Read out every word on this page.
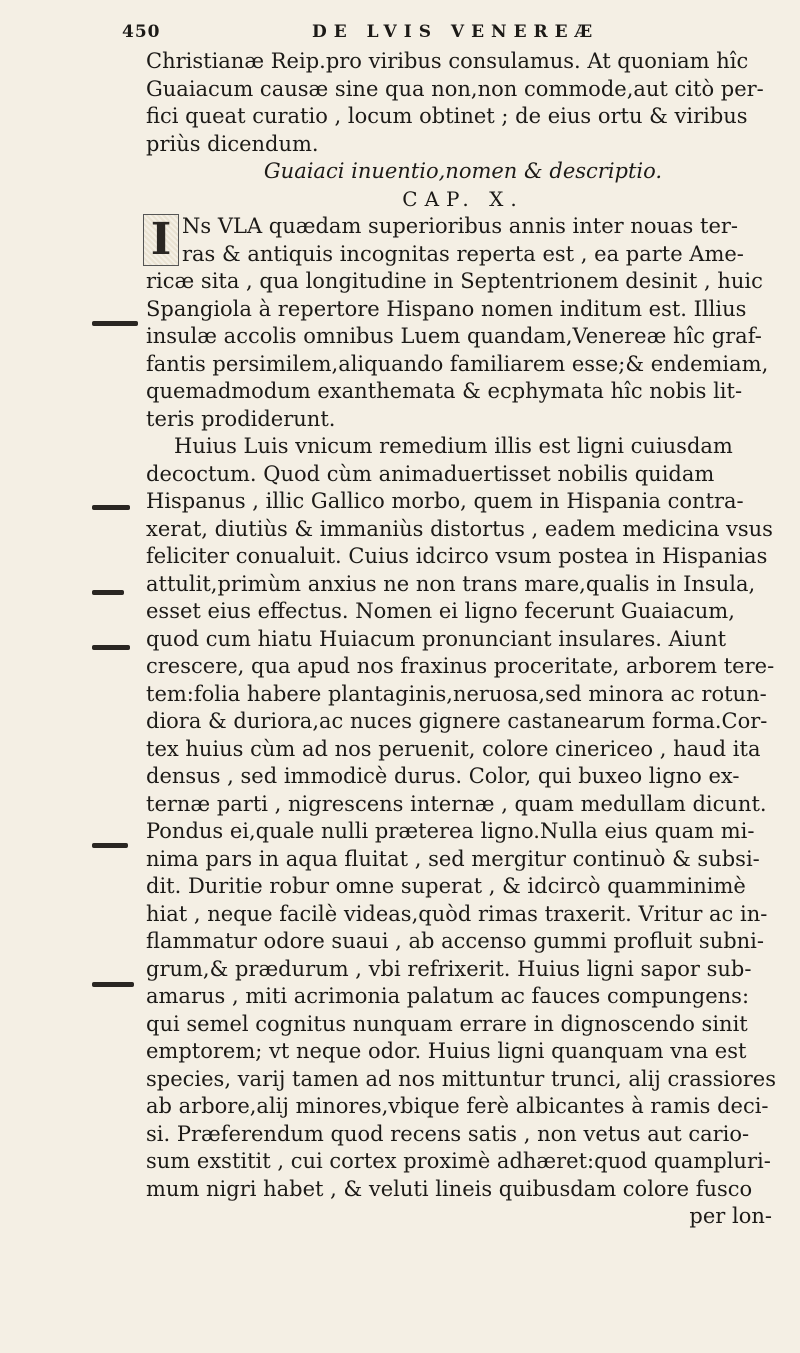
450	DE LVIS VENEREÆ
Christianæ Reip.pro viribus consulamus. At quoniam hîc
Guaiacum causæ sine qua non,non commode,aut citò per-
fici queat curatio , locum obtinet ; de eius ortu & viribus
priùs dicendum.
Guaiaci inuentio,nomen & descriptio.
CAP. X.
I Ns VLA quædam superioribus annis inter nouas ter-
ras & antiquis incognitas reperta est , ea parte Ame-
ricæ sita , qua longitudine in Septentrionem desinit , huic
Spangiola à repertore Hispano nomen inditum est. Illius
insulæ accolis omnibus Luem quandam,Venereæ hîc graf-
fantis persimilem,aliquando familiarem esse;& endemiam,
quemadmodum exanthemata & ecphymata hîc nobis lit-
teris prodiderunt.
Huius Luis vnicum remedium illis est ligni cuiusdam
decoctum. Quod cùm animaduertisset nobilis quidam
Hispanus , illic Gallico morbo, quem in Hispania contra-
xerat, diutiùs & immaniùs distortus , eadem medicina vsus
feliciter conualuit. Cuius idcirco vsum postea in Hispanias
attulit,primùm anxius ne non trans mare,qualis in Insula,
esset eius effectus. Nomen ei ligno fecerunt Guaiacum,
quod cum hiatu Huiacum pronunciant insulares. Aiunt
crescere, qua apud nos fraxinus proceritate, arborem tere-
tem:folia habere plantaginis,neruosa,sed minora ac rotun-
diora & duriora,ac nuces gignere castanearum forma.Cor-
tex huius cùm ad nos peruenit, colore cinericeo , haud ita
densus , sed immodicè durus. Color, qui buxeo ligno ex-
ternæ parti , nigrescens internæ , quam medullam dicunt.
Pondus ei,quale nulli præterea ligno.Nulla eius quam mi-
nima pars in aqua fluitat , sed mergitur continuò & subsi-
dit. Duritie robur omne superat , & idcircò quamminimè
hiat , neque facilè videas,quòd rimas traxerit. Vritur ac in-
flammatur odore suaui , ab accenso gummi profluit subni-
grum,& prædurum , vbi refrixerit. Huius ligni sapor sub-
amarus , miti acrimonia palatum ac fauces compungens:
qui semel cognitus nunquam errare in dignoscendo sinit
emptorem; vt neque odor. Huius ligni quanquam vna est
species, varij tamen ad nos mittuntur trunci, alij crassiores
ab arbore,alij minores,vbique ferè albicantes à ramis deci-
si. Præferendum quod recens satis , non vetus aut cario-
sum exstitit , cui cortex proximè adhæret:quod quampluri-
mum nigri habet , & veluti lineis quibusdam colore fusco
per lon-
